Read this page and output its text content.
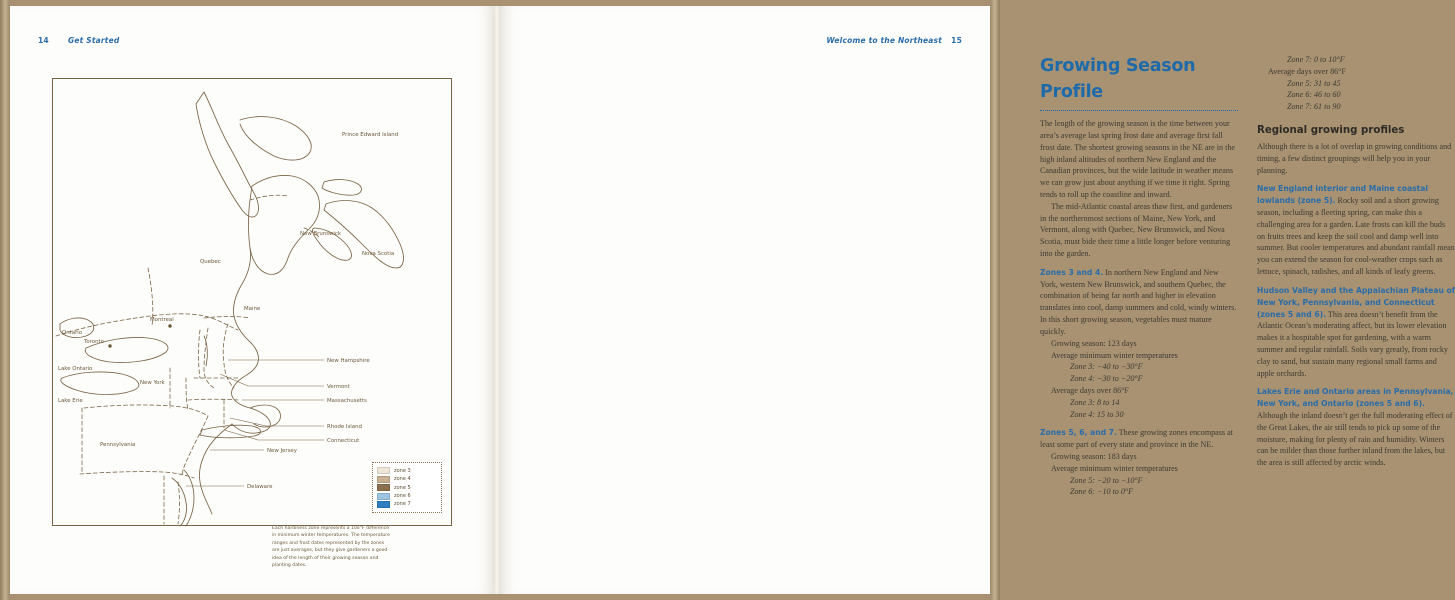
14	Get Started
Prince Edward Island
New Brunswick
Quebec
Maine
Nova Scotia
Ontario
Montreal
Toronto
Lake Ontario
Lake Erie
New York
Pennsylvania
New Hampshire
Vermont
Massachusetts
Rhode Island
Connecticut
New Jersey
Delaware
zone 3
zone 4
zone 5
zone 6
zone 7
Each hardiness zone represents a 10o°F difference in minimum winter temperatures. The temperature ranges and frost dates represented by the zones are just averages, but they give gardeners a good idea of the length of their growing season and planting dates.
Welcome to the Northeast 15
Growing Season Profile

The length of the growing season is the time between your area’s average last spring frost date and average first fall frost date. The shortest growing seasons in the NE are in the high inland altitudes of northern New England and the Canadian provinces, but the wide latitude in weather means we can grow just about anything if we time it right. Spring tends to roll up the coastline and inward.

The mid-Atlantic coastal areas thaw first, and gardeners in the northernmost sections of Maine, New York, and Vermont, along with Quebec, New Brunswick, and Nova Scotia, must bide their time a little longer before venturing into the garden.

Zones 3 and 4. In northern New England and New York, western New Brunswick, and southern Quebec, the combination of being far north and higher in elevation translates into cool, damp summers and cold, windy winters. In this short growing season, vegetables must mature quickly.

Growing season: 123 days
Average minimum winter temperatures
Zone 3: −40 to −30°F
Zone 4: −30 to −20°F
Average days over 86°F
Zone 3: 8 to 14
Zone 4: 15 to 30

Zones 5, 6, and 7. These growing zones encompass at least some part of every state and province in the NE.

Growing season: 183 days
Average minimum winter temperatures
Zone 5: −20 to −10°F
Zone 6: −10 to 0°F
Zone 7: 0 to 10°F
Average days over 86°F
Zone 5: 31 to 45
Zone 6: 46 to 60
Zone 7: 61 to 90
Regional growing profiles

Although there is a lot of overlap in growing conditions and timing, a few distinct groupings will help you in your planning.

New England interior and Maine coastal lowlands (zone 5). Rocky soil and a short growing season, including a fleeting spring, can make this a challenging area for a garden. Late frosts can kill the buds on fruits trees and keep the soil cool and damp well into summer. But cooler temperatures and abundant rainfall mean you can extend the season for cool-weather crops such as lettuce, spinach, radishes, and all kinds of leafy greens.

Hudson Valley and the Appalachian Plateau of New York, Pennsylvania, and Connecticut (zones 5 and 6). This area doesn’t benefit from the Atlantic Ocean’s moderating affect, but its lower elevation makes it a hospitable spot for gardening, with a warm summer and regular rainfall. Soils vary greatly, from rocky clay to sand, but sustain many regional small farms and apple orchards.

Lakes Erie and Ontario areas in Pennsylvania, New York, and Ontario (zones 5 and 6). Although the inland doesn’t get the full moderating effect of the Great Lakes, the air still tends to pick up some of the moisture, making for plenty of rain and humidity. Winters can be milder than those further inland from the lakes, but the area is still affected by arctic winds.
